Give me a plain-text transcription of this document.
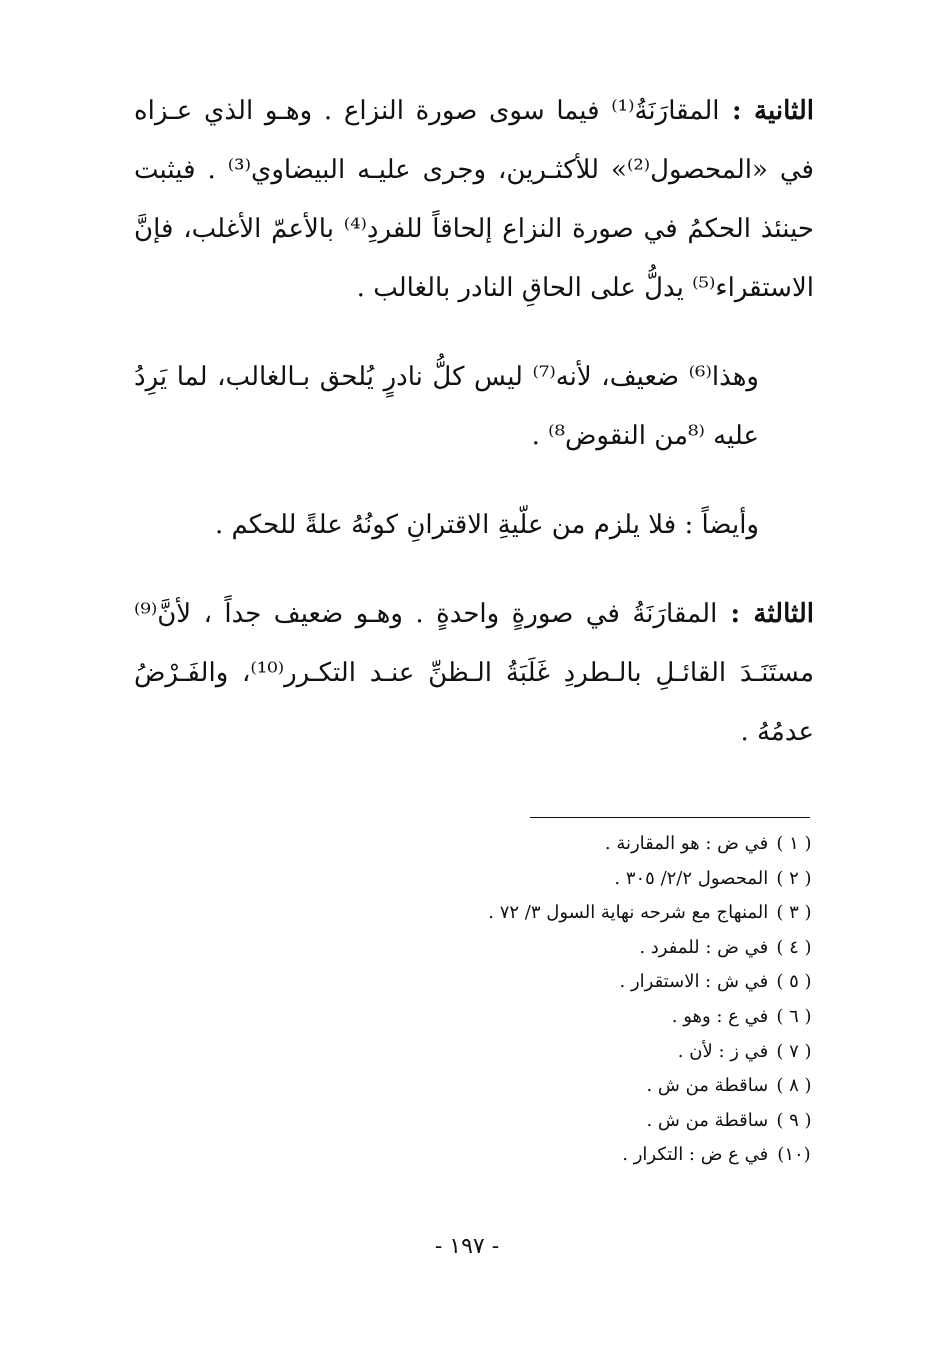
الثانية : المقارَنَةُ⁽¹⁾ فيما سوى صورة النزاع . وهـو الذي عـزاه في «المحصول⁽²⁾» للأكثـرين، وجرى عليـه البيضاوي⁽³⁾ . فيثبت حينئذ الحكمُ في صورة النزاع إلحاقاً للفردِ⁽⁴⁾ بالأعمّ الأغلب، فإنَّ الاستقراء⁽⁵⁾ يدلُّ على الحاقِ النادر بالغالب .

وهذا⁽⁶⁾ ضعيف، لأنه⁽⁷⁾ ليس كلُّ نادرٍ يُلحق بـالغالب، لما يَرِدُ عليه ⁽⁸من النقوض⁸⁾ .

وأيضاً : فلا يلزم من علّيةِ الاقترانِ كونُهُ علةً للحكم .

الثالثة : المقارَنَةُ في صورةٍ واحدةٍ . وهـو ضعيف جداً ، لأنَّ⁽⁹⁾ مستَنَـدَ القائـلِ بالـطردِ غَلَبَةُ الـظنِّ عنـد التكـرر⁽¹⁰⁾، والفَـرْضُ عدمُهُ .

( ١ ) في ض : هو المقارنة .
( ٢ ) المحصول ٢/٢/ ٣٠٥ .
( ٣ ) المنهاج مع شرحه نهاية السول ٣/ ٧٢ .
( ٤ ) في ض : للمفرد .
( ٥ ) في ش : الاستقرار .
( ٦ ) في ع : وهو .
( ٧ ) في ز : لأن .
( ٨ ) ساقطة من ش .
( ٩ ) ساقطة من ش .
(١٠) في ع ض : التكرار .
- ١٩٧ -
